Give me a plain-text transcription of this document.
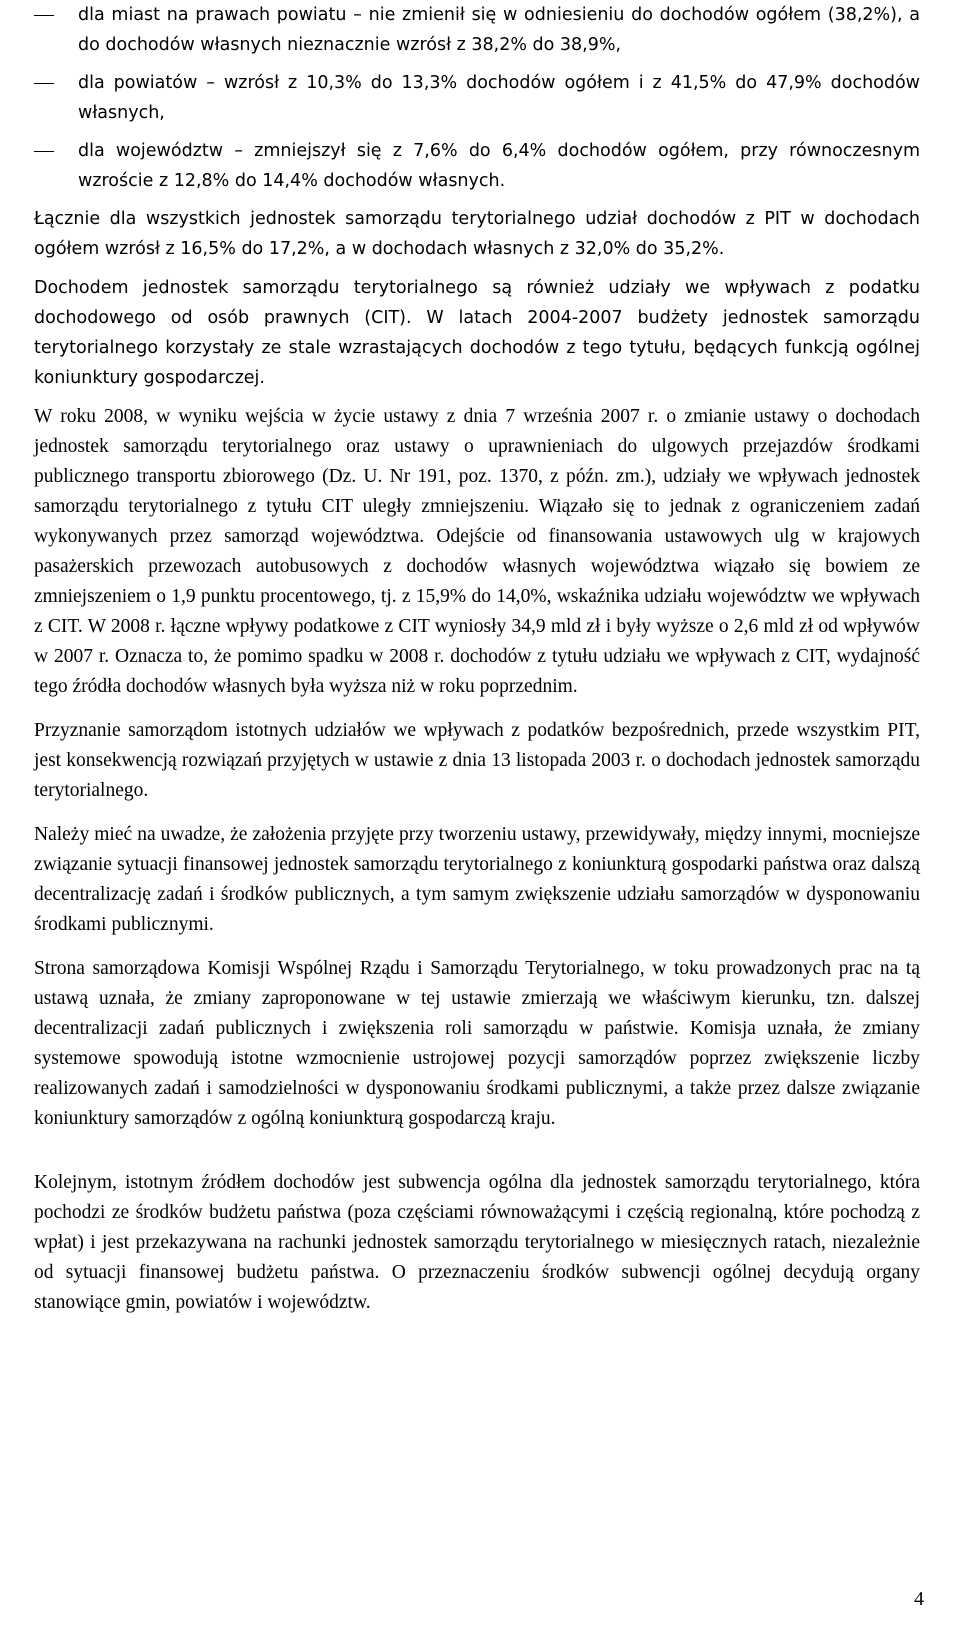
dla miast na prawach powiatu – nie zmienił się w odniesieniu do dochodów ogółem (38,2%), a do dochodów własnych nieznacznie wzrósł z 38,2% do 38,9%,
dla powiatów – wzrósł z 10,3% do 13,3% dochodów ogółem i z 41,5% do 47,9% dochodów własnych,
dla województw – zmniejszył się z 7,6% do 6,4% dochodów ogółem, przy równoczesnym wzroście z 12,8% do 14,4% dochodów własnych.

Łącznie dla wszystkich jednostek samorządu terytorialnego udział dochodów z PIT w dochodach ogółem wzrósł z 16,5% do 17,2%, a w dochodach własnych z 32,0% do 35,2%.

Dochodem jednostek samorządu terytorialnego są również udziały we wpływach z podatku dochodowego od osób prawnych (CIT). W latach 2004-2007 budżety jednostek samorządu terytorialnego korzystały ze stale wzrastających dochodów z tego tytułu, będących funkcją ogólnej koniunktury gospodarczej.

W roku 2008, w wyniku wejścia w życie ustawy z dnia 7 września 2007 r. o zmianie ustawy o dochodach jednostek samorządu terytorialnego oraz ustawy o uprawnieniach do ulgowych przejazdów środkami publicznego transportu zbiorowego (Dz. U. Nr 191, poz. 1370, z późn. zm.), udziały we wpływach jednostek samorządu terytorialnego z tytułu CIT uległy zmniejszeniu. Wiązało się to jednak z ograniczeniem zadań wykonywanych przez samorząd województwa. Odejście od finansowania ustawowych ulg w krajowych pasażerskich przewozach autobusowych z dochodów własnych województwa wiązało się bowiem ze zmniejszeniem o 1,9 punktu procentowego, tj. z 15,9% do 14,0%, wskaźnika udziału województw we wpływach z CIT. W 2008 r. łączne wpływy podatkowe z CIT wyniosły 34,9 mld zł i były wyższe o 2,6 mld zł od wpływów w 2007 r. Oznacza to, że pomimo spadku w 2008 r. dochodów z tytułu udziału we wpływach z CIT, wydajność tego źródła dochodów własnych była wyższa niż w roku poprzednim.

Przyznanie samorządom istotnych udziałów we wpływach z podatków bezpośrednich, przede wszystkim PIT, jest konsekwencją rozwiązań przyjętych w ustawie z dnia 13 listopada 2003 r. o dochodach jednostek samorządu terytorialnego.

Należy mieć na uwadze, że założenia przyjęte przy tworzeniu ustawy, przewidywały, między innymi, mocniejsze związanie sytuacji finansowej jednostek samorządu terytorialnego z koniunkturą gospodarki państwa oraz dalszą decentralizację zadań i środków publicznych, a tym samym zwiększenie udziału samorządów w dysponowaniu środkami publicznymi.

Strona samorządowa Komisji Wspólnej Rządu i Samorządu Terytorialnego, w toku prowadzonych prac na tą ustawą uznała, że zmiany zaproponowane w tej ustawie zmierzają we właściwym kierunku, tzn. dalszej decentralizacji zadań publicznych i zwiększenia roli samorządu w państwie. Komisja uznała, że zmiany systemowe spowodują istotne wzmocnienie ustrojowej pozycji samorządów poprzez zwiększenie liczby realizowanych zadań i samodzielności w dysponowaniu środkami publicznymi, a także przez dalsze związanie koniunktury samorządów z ogólną koniunkturą gospodarczą kraju.

Kolejnym, istotnym źródłem dochodów jest subwencja ogólna dla jednostek samorządu terytorialnego, która pochodzi ze środków budżetu państwa (poza częściami równoważącymi i częścią regionalną, które pochodzą z wpłat) i jest przekazywana na rachunki jednostek samorządu terytorialnego w miesięcznych ratach, niezależnie od sytuacji finansowej budżetu państwa. O przeznaczeniu środków subwencji ogólnej decydują organy stanowiące gmin, powiatów i województw.

4
